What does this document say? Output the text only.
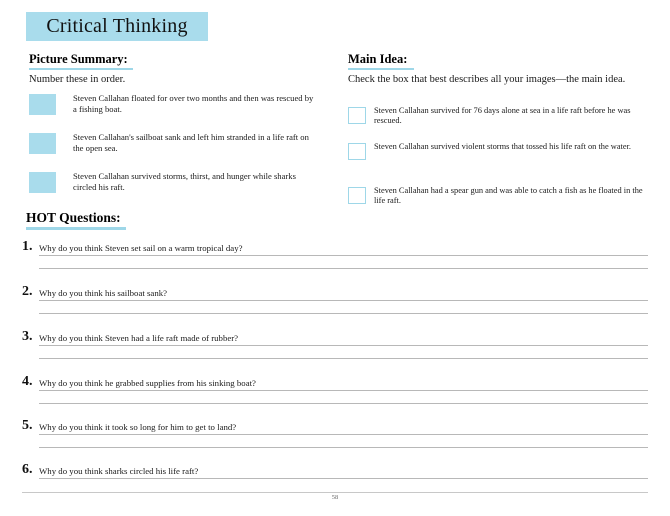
Critical Thinking
Picture Summary:
Number these in order.
Steven Callahan floated for over two months and then was rescued by a fishing boat.
Steven Callahan's sailboat sank and left him stranded in a life raft on the open sea.
Steven Callahan survived storms, thirst, and hunger while sharks circled his raft.
Main Idea:
Check the box that best describes all your images—the main idea.
Steven Callahan survived for 76 days alone at sea in a life raft before he was rescued.
Steven Callahan survived violent storms that tossed his life raft on the water.
Steven Callahan had a spear gun and was able to catch a fish as he floated in the life raft.
HOT Questions:
1. Why do you think Steven set sail on a warm tropical day?
2. Why do you think his sailboat sank?
3. Why do you think Steven had a life raft made of rubber?
4. Why do you think he grabbed supplies from his sinking boat?
5. Why do you think it took so long for him to get to land?
6. Why do you think sharks circled his life raft?
58
